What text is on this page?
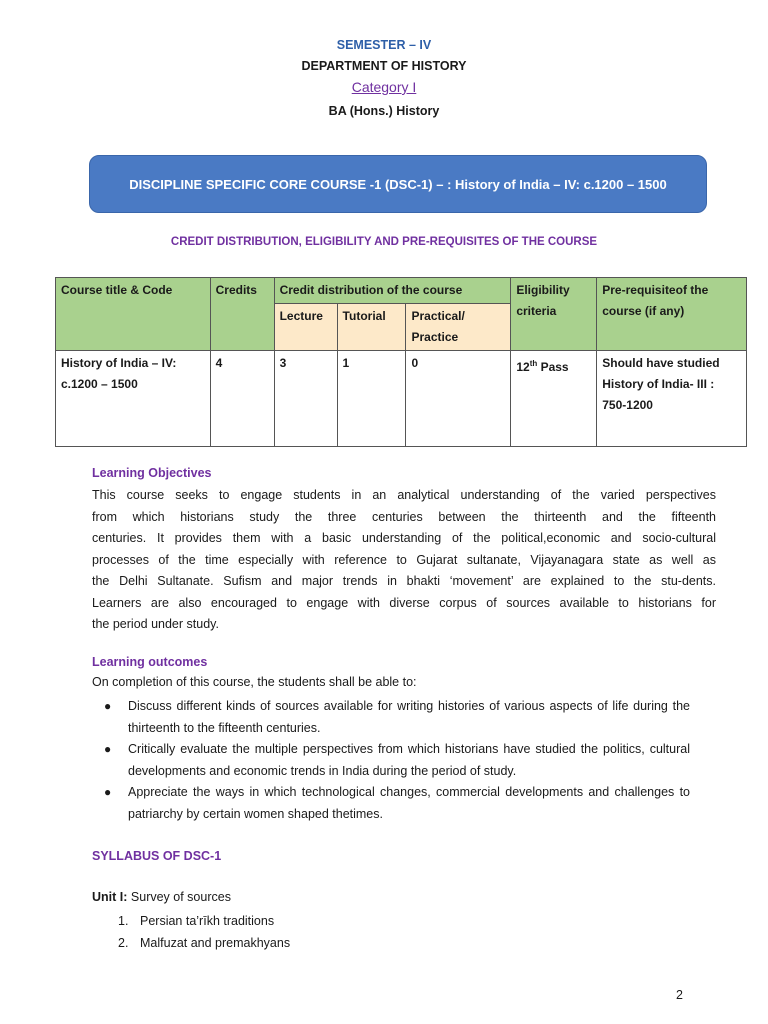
SEMESTER – IV
DEPARTMENT OF HISTORY
Category I
BA (Hons.) History
DISCIPLINE SPECIFIC CORE COURSE -1 (DSC-1) – : History of India – IV: c.1200 – 1500
CREDIT DISTRIBUTION, ELIGIBILITY AND PRE-REQUISITES OF THE COURSE
Course title & Code	Credits	Credit distribution of the course			Eligibility criteria	Pre-requisiteof the course (if any)
		Lecture	Tutorial	Practical/ Practice		
History of India – IV: c.1200 – 1500	4	3	1	0	12th Pass	Should have studied History of India- III : 750-1200
Learning Objectives
This course seeks to engage students in an analytical understanding of the varied perspectives
from which historians study the three centuries between the thirteenth and the fifteenth
centuries. It provides them with a basic understanding of the political,economic and socio-cultural
processes of the time especially with reference to Gujarat sultanate, Vijayanagara state as well as
the Delhi Sultanate. Sufism and major trends in bhakti ‘movement’ are explained to the stu-dents.
Learners are also encouraged to engage with diverse corpus of sources available to historians for
the period under study.
Learning outcomes
On completion of this course, the students shall be able to:
● Discuss different kinds of sources available for writing histories of various aspects of life during the thirteenth to the fifteenth centuries.
● Critically evaluate the multiple perspectives from which historians have studied the politics, cultural developments and economic trends in India during the period of study.
● Appreciate the ways in which technological changes, commercial developments and challenges to patriarchy by certain women shaped thetimes.
SYLLABUS OF DSC-1
Unit I: Survey of sources
1. Persian ta’rīkh traditions
2. Malfuzat and premakhyans
2
